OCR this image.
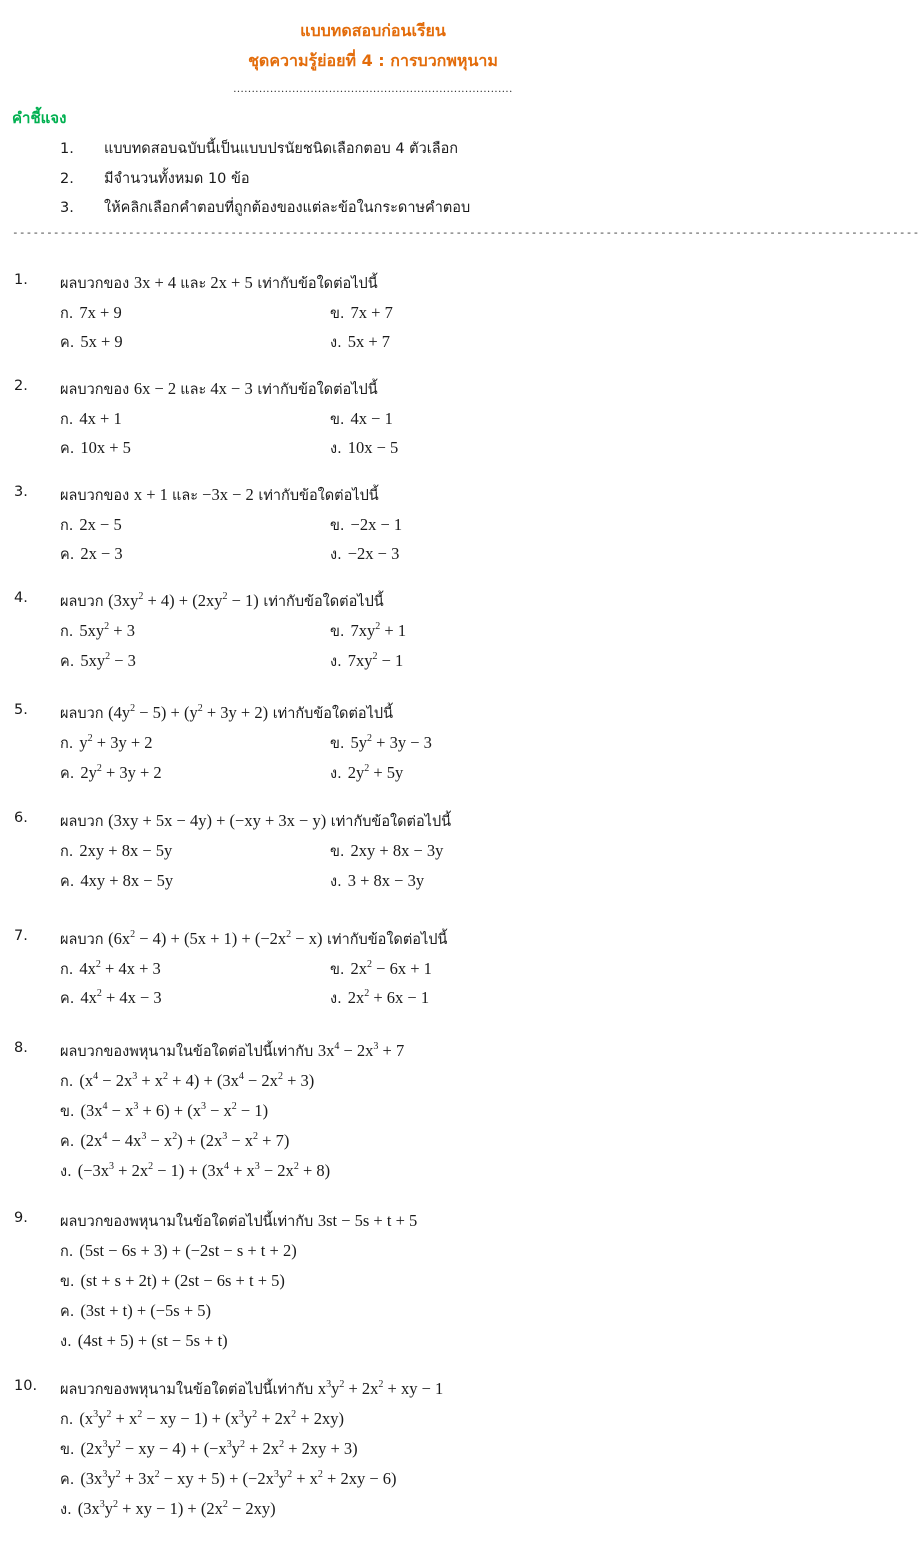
แบบทดสอบก่อนเรียน
ชุดความรู้ย่อยที่ 4 : การบวกพหุนาม
............................................................................
คำชี้แจง
1. แบบทดสอบฉบับนี้เป็นแบบปรนัยชนิดเลือกตอบ 4 ตัวเลือก
2. มีจำนวนทั้งหมด 10 ข้อ
3. ให้คลิกเลือกคำตอบที่ถูกต้องของแต่ละข้อในกระดาษคำตอบ
-------------------------------------------------------------------------------------------------------------------------------------
1.	ผลบวกของ 3x + 4 และ 2x + 5 เท่ากับข้อใดต่อไปนี้
ก. 7x + 9	ข. 7x + 7
ค. 5x + 9	ง. 5x + 7
2.	ผลบวกของ 6x − 2 และ 4x − 3 เท่ากับข้อใดต่อไปนี้
ก. 4x + 1	ข. 4x − 1
ค. 10x + 5	ง. 10x − 5
3.	ผลบวกของ x + 1 และ −3x − 2 เท่ากับข้อใดต่อไปนี้
ก. 2x − 5	ข. −2x − 1
ค. 2x − 3	ง. −2x − 3
4.	ผลบวก $(3xy^2 + 4) + (2xy^2 - 1)$ เท่ากับข้อใดต่อไปนี้
ก. $5xy^2 + 3$	ข. $7xy^2 + 1$
ค. $5xy^2 - 3$	ง. $7xy^2 - 1$
5.	ผลบวก $(4y^2 - 5) + (y^2 + 3y + 2)$ เท่ากับข้อใดต่อไปนี้
ก. $y^2 + 3y + 2$	ข. $5y^2 + 3y - 3$
ค. $2y^2 + 3y + 2$	ง. $2y^2 + 5y$
6.	ผลบวก (3xy + 5x − 4y) + (−xy + 3x − y) เท่ากับข้อใดต่อไปนี้
ก. 2xy + 8x − 5y	ข. 2xy + 8x − 3y
ค. 4xy + 8x − 5y	ง. 3 + 8x − 3y
7.	ผลบวก $(6x^2 - 4) + (5x + 1) + (-2x^2 - x)$ เท่ากับข้อใดต่อไปนี้
ก. $4x^2 + 4x + 3$	ข. $2x^2 - 6x + 1$
ค. $4x^2 + 4x - 3$	ง. $2x^2 + 6x - 1$
8.	ผลบวกของพหุนามในข้อใดต่อไปนี้เท่ากับ $3x^4 - 2x^3 + 7$
ก. $(x^4 - 2x^3 + x^2 + 4) + (3x^4 - 2x^2 + 3)$
ข. $(3x^4 - x^3 + 6) + (x^3 - x^2 - 1)$
ค. $(2x^4 - 4x^3 - x^2) + (2x^3 - x^2 + 7)$
ง. $(-3x^3 + 2x^2 - 1) + (3x^4 + x^3 - 2x^2 + 8)$
9.	ผลบวกของพหุนามในข้อใดต่อไปนี้เท่ากับ 3st − 5s + t + 5
ก. (5st − 6s + 3) + (−2st − s + t + 2)
ข. (st + s + 2t) + (2st − 6s + t + 5)
ค. (3st + t) + (−5s + 5)
ง. (4st + 5) + (st − 5s + t)
10.	ผลบวกของพหุนามในข้อใดต่อไปนี้เท่ากับ $x^3y^2 + 2x^2$ + xy − 1
ก. ($x^3y^2 + x^2$ − xy − $1) + (x^3y^2 + 2x^2 + 2xy)$
ข. ($2x^3y^2$ − xy − $4) + (-x^3y^2 + 2x^2 + 2xy + 3)$
ค. ($3x^3y^2 + 3x^2$ − xy + $5) + (-2x^3y^2 + x^2 + 2xy - 6)$
ง. ($3x^3y^2$ + xy − $1) + (2x^2 - 2xy)$
